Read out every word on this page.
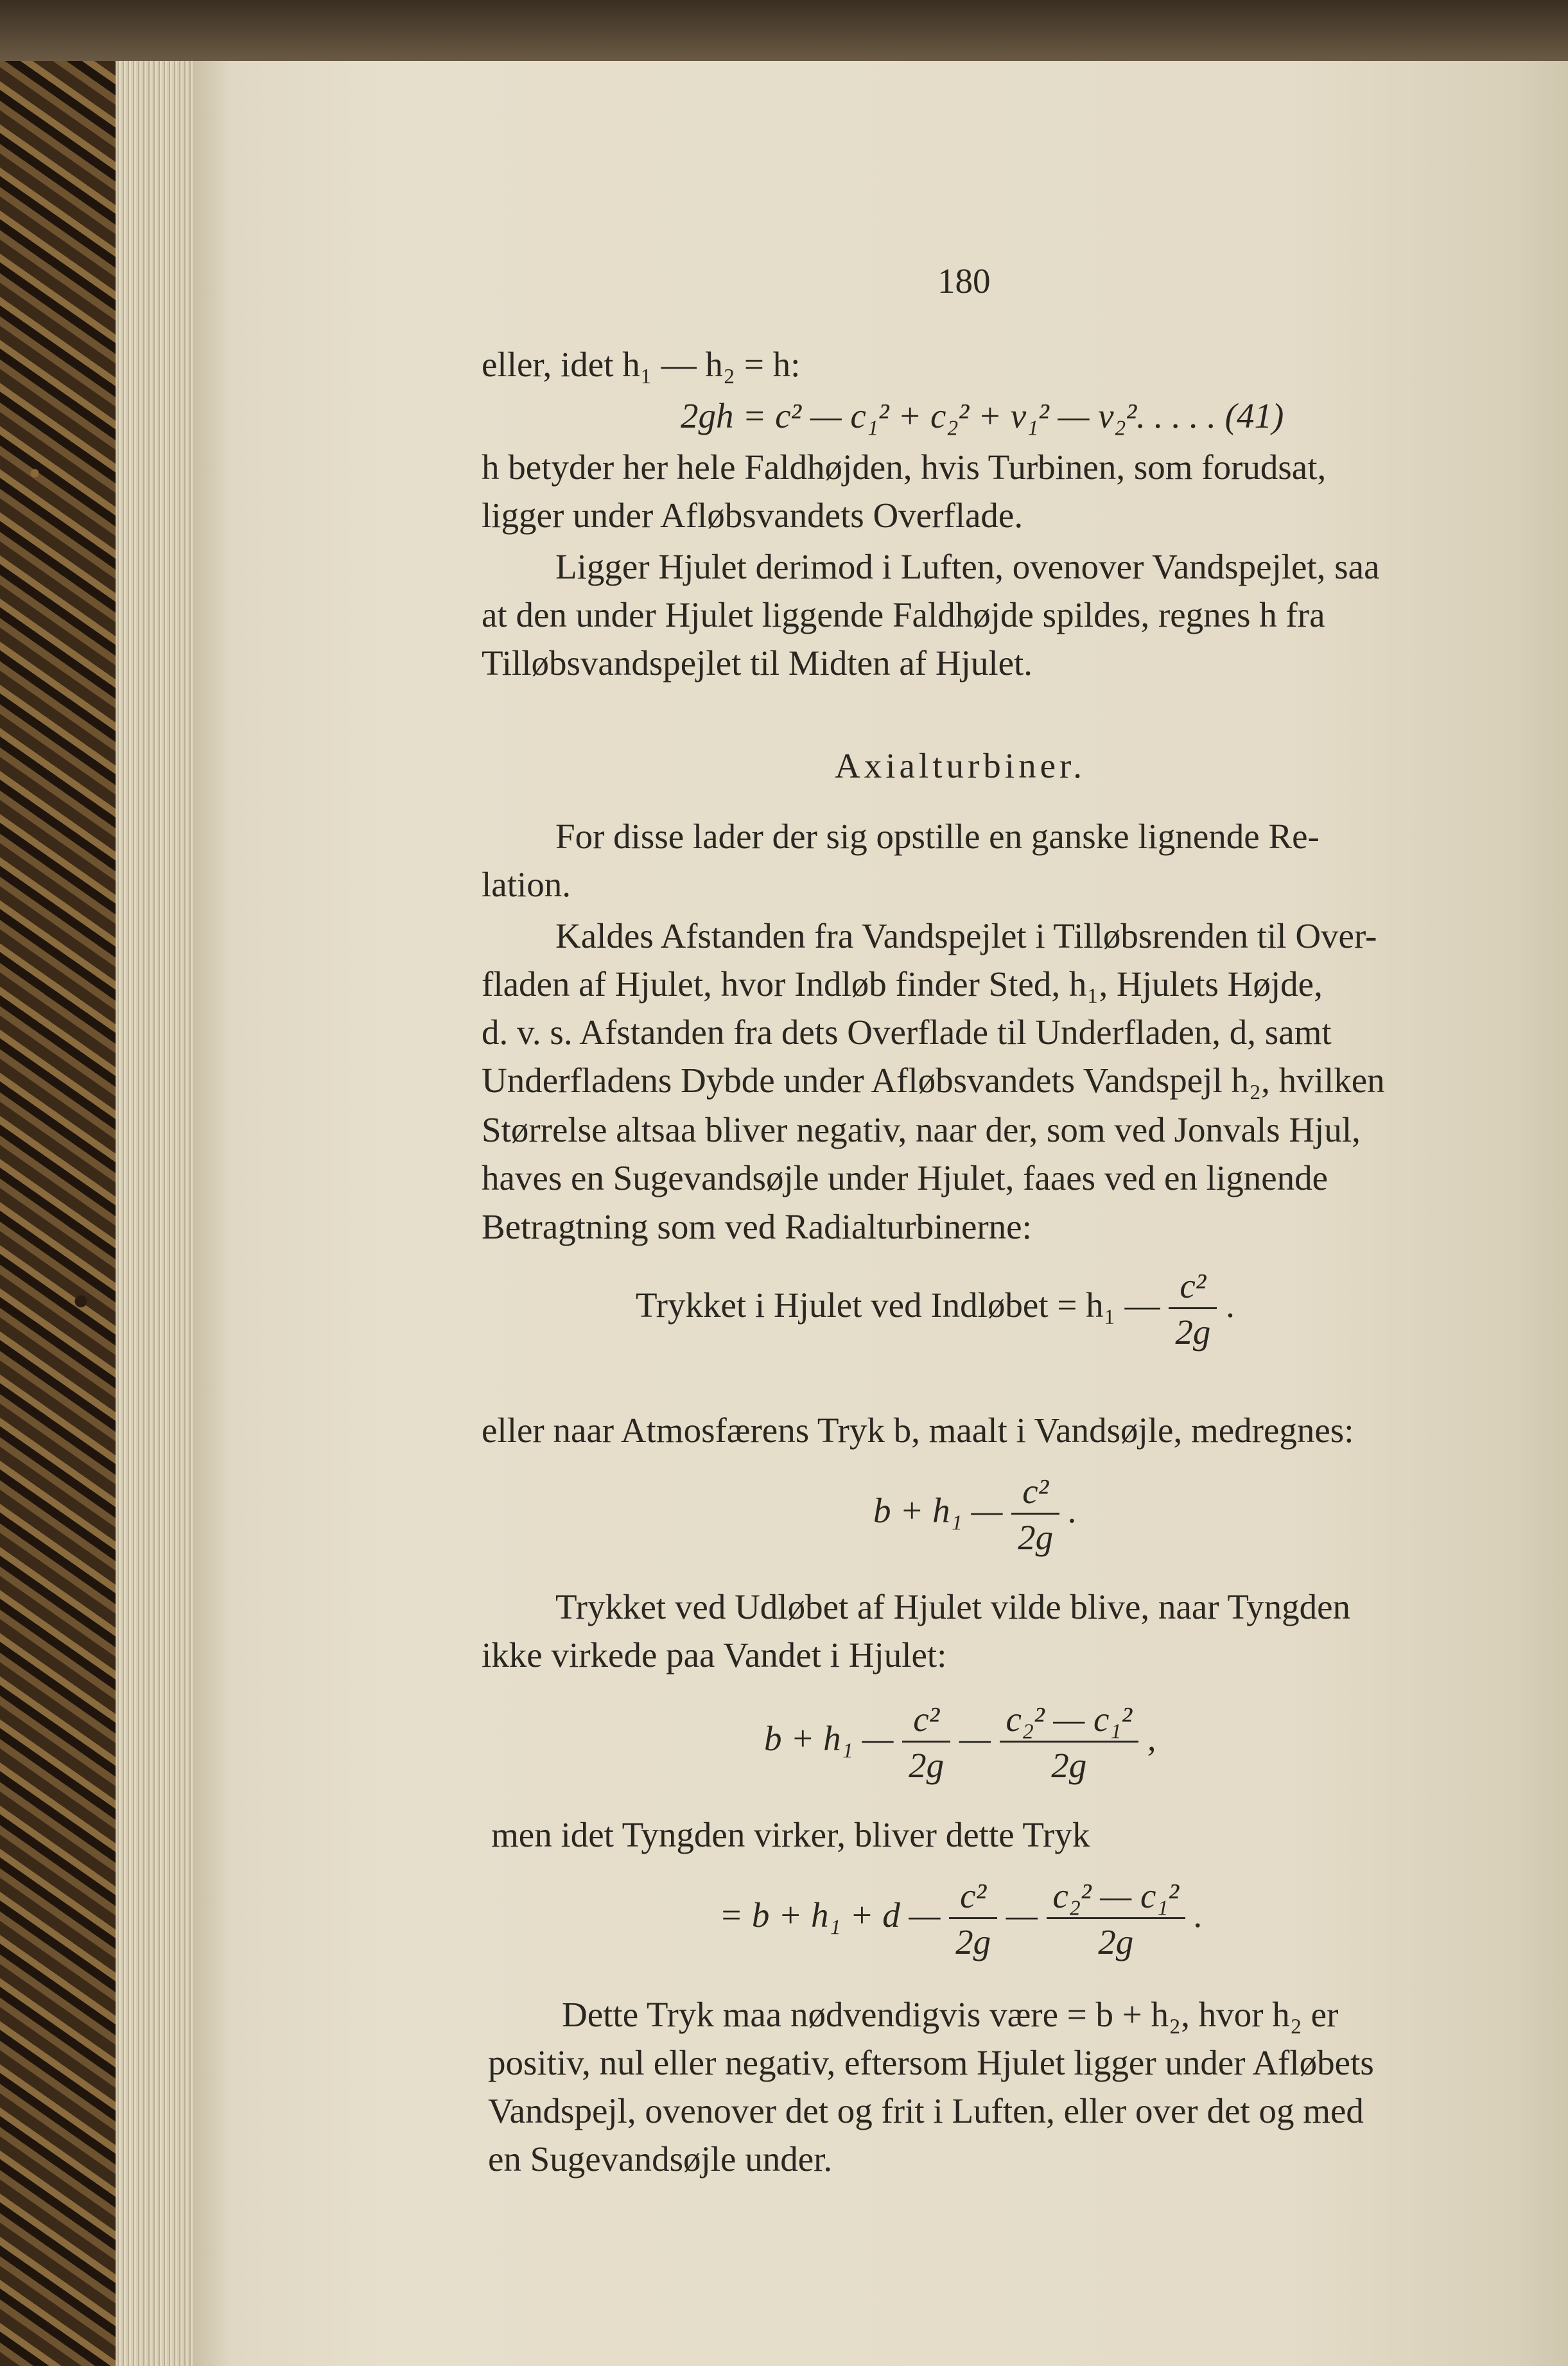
180
eller, idet h₁ — h₂ = h:
2gh = c² — c₁² + c₂² + v₁² — v₂². . . . . (41)
h betyder her hele Faldhøjden, hvis Turbinen, som forudsat,
ligger under Afløbsvandets Overflade.
Ligger Hjulet derimod i Luften, ovenover Vandspejlet, saa
at den under Hjulet liggende Faldhøjde spildes, regnes h fra
Tilløbsvandspejlet til Midten af Hjulet.
Axialturbiner.
For disse lader der sig opstille en ganske lignende Re-
lation.
Kaldes Afstanden fra Vandspejlet i Tilløbsrenden til Over-
fladen af Hjulet, hvor Indløb finder Sted, h₁, Hjulets Højde,
d. v. s. Afstanden fra dets Overflade til Underfladen, d, samt
Underfladens Dybde under Afløbsvandets Vandspejl h₂, hvilken
Størrelse altsaa bliver negativ, naar der, som ved Jonvals Hjul,
haves en Sugevandsøjle under Hjulet, faaes ved en lignende
Betragtning som ved Radialturbinerne:
Trykket i Hjulet ved Indløbet = h₁ — $\frac{\text{c²}}{2g}$ .
eller naar Atmosfærens Tryk b, maalt i Vandsøjle, medregnes:
b + h₁ — $\frac{\text{c²}}{2g}$ .
Trykket ved Udløbet af Hjulet vilde blive, naar Tyngden
ikke virkede paa Vandet i Hjulet:
b + h₁ — $\frac{\text{c²}}{2g}$ — $\frac{\text{c₂² — c₁²}}{2g}$ ,
men idet Tyngden virker, bliver dette Tryk
= b + h₁ + d — $\frac{\text{c²}}{2g}$ — $\frac{\text{c₂² — c₁²}}{2g}$ .
Dette Tryk maa nødvendigvis være = b + h₂, hvor h₂ er
positiv, nul eller negativ, eftersom Hjulet ligger under Afløbets
Vandspejl, ovenover det og frit i Luften, eller over det og med
en Sugevandsøjle under.
